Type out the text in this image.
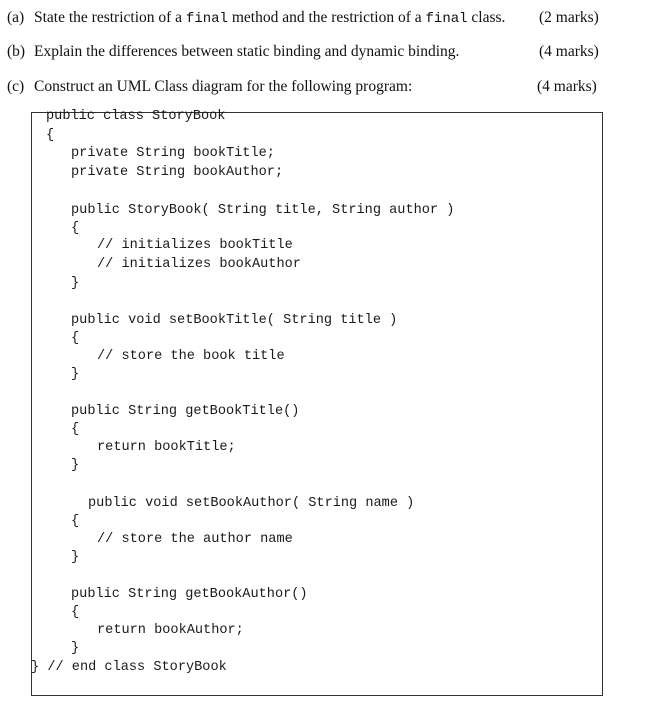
(a) State the restriction of a final method and the restriction of a final class. (2 marks)
(b) Explain the differences between static binding and dynamic binding.	(4 marks)
(c) Construct an UML Class diagram for the following program:	(4 marks)
public class StoryBook
{
private String bookTitle;
private String bookAuthor;
public StoryBook( String title, String author )
{
// initializes bookTitle
// initializes bookAuthor
}
public void setBookTitle( String title )
{
// store the book title
}
public String getBookTitle()
{
return bookTitle;
}
public void setBookAuthor( String name )
{
// store the author name
}
public String getBookAuthor()
{
return bookAuthor;
}
} // end class StoryBook
